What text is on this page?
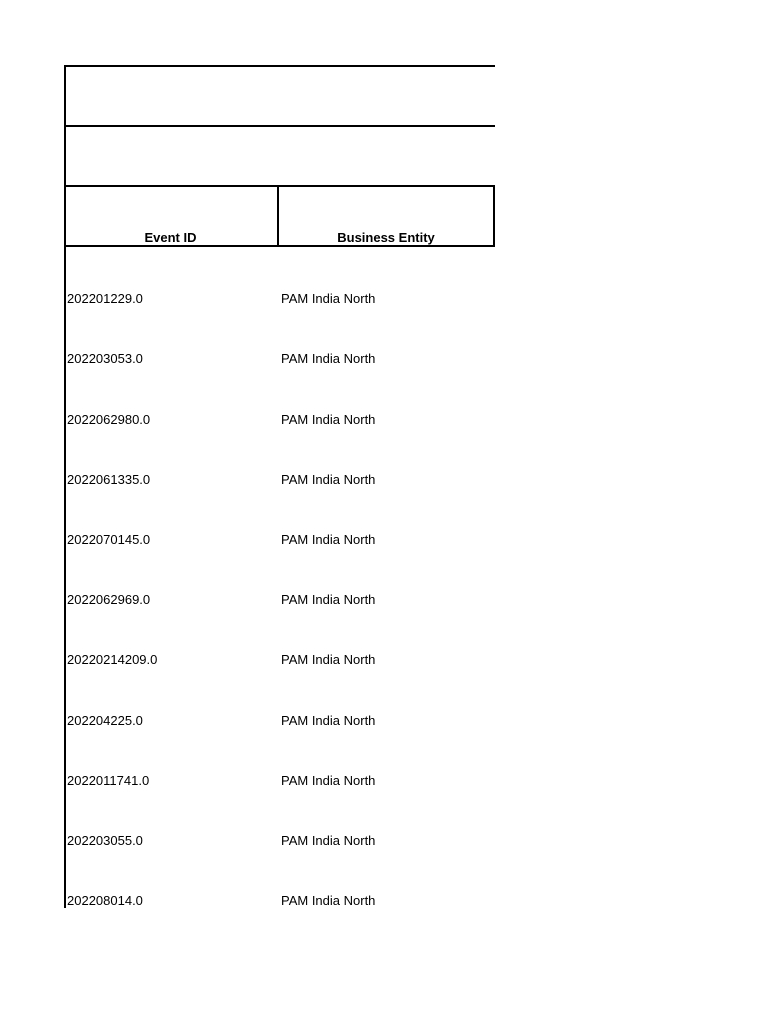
Event ID	Business Entity
202201229.0	PAM India North
202203053.0	PAM India North
2022062980.0	PAM India North
2022061335.0	PAM India North
2022070145.0	PAM India North
2022062969.0	PAM India North
20220214209.0	PAM India North
202204225.0	PAM India North
2022011741.0	PAM India North
202203055.0	PAM India North
202208014.0	PAM India North
